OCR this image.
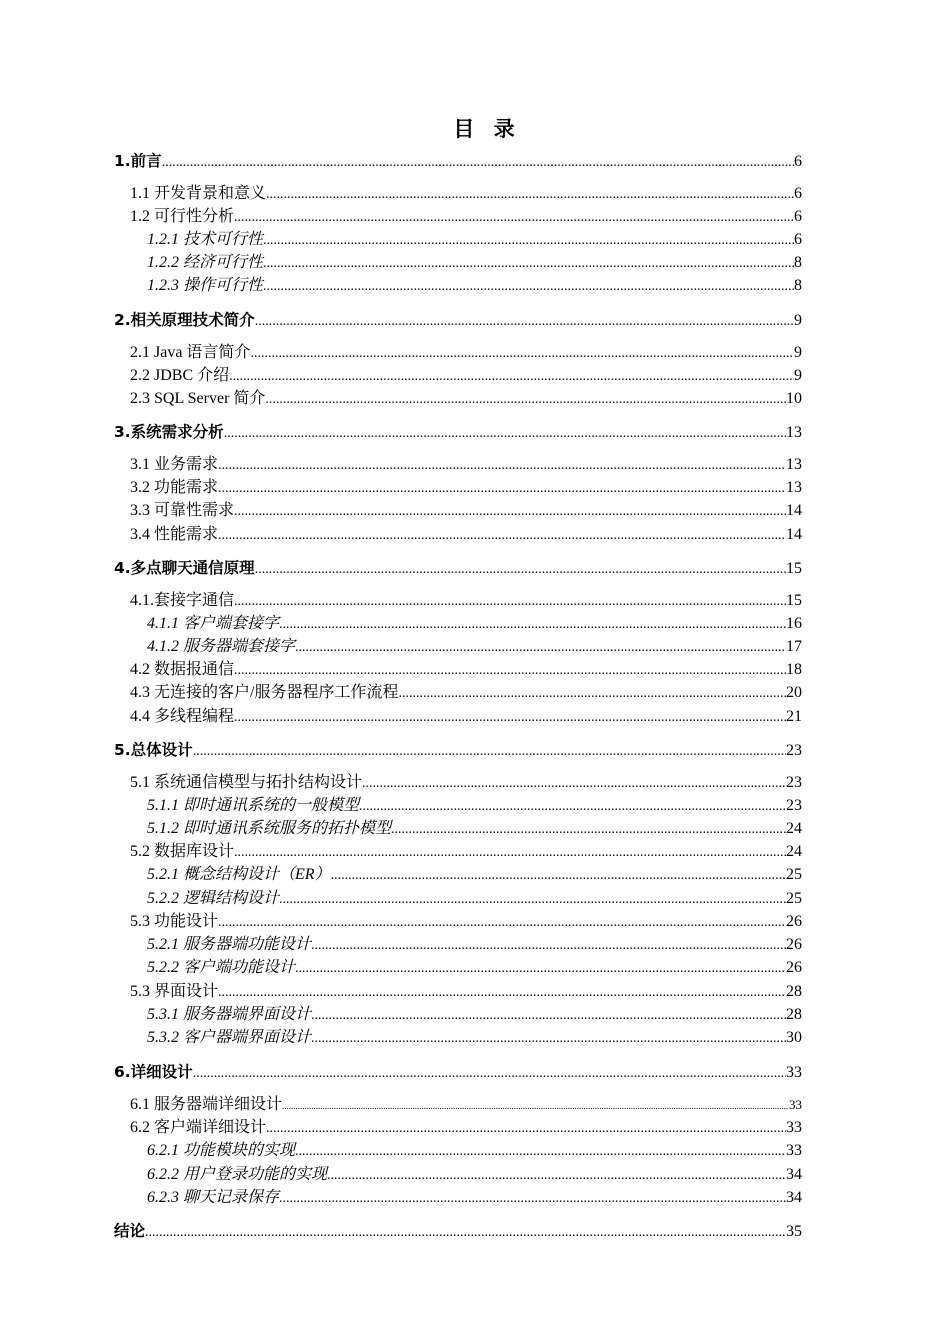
目 录
1.前言 .....	6
1.1 开发背景和意义 .....	6
1.2 可行性分析 .....	6
1.2.1 技术可行性 .....	6
1.2.2 经济可行性 .....	8
1.2.3 操作可行性 .....	8
2.相关原理技术简介 .....	9
2.1 Java 语言简介 .....	9
2.2 JDBC 介绍 .....	9
2.3 SQL Server 简介 .....	10
3.系统需求分析 .....	13
3.1 业务需求 .....	13
3.2 功能需求 .....	13
3.3 可靠性需求 .....	14
3.4 性能需求 .....	14
4.多点聊天通信原理 .....	15
4.1.套接字通信 .....	15
4.1.1 客户端套接字 .....	16
4.1.2 服务器端套接字 .....	17
4.2 数据报通信 .....	18
4.3 无连接的客户/服务器程序工作流程 .....	20
4.4 多线程编程 .....	21
5.总体设计 .....	23
5.1 系统通信模型与拓扑结构设计 .....	23
5.1.1 即时通讯系统的一般模型 .....	23
5.1.2 即时通讯系统服务的拓扑模型 .....	24
5.2 数据库设计 .....	24
5.2.1 概念结构设计（ER） .....	25
5.2.2 逻辑结构设计 .....	25
5.3 功能设计 .....	26
5.2.1 服务器端功能设计 .....	26
5.2.2 客户端功能设计 .....	26
5.3 界面设计 .....	28
5.3.1 服务器端界面设计 .....	28
5.3.2 客户器端界面设计 .....	30
6.详细设计 .....	33
6.1 服务器端详细设计 .....	33
6.2 客户端详细设计 .....	33
6.2.1 功能模块的实现 .....	33
6.2.2 用户登录功能的实现 .....	34
6.2.3 聊天记录保存 .....	34
结论 .....	35
